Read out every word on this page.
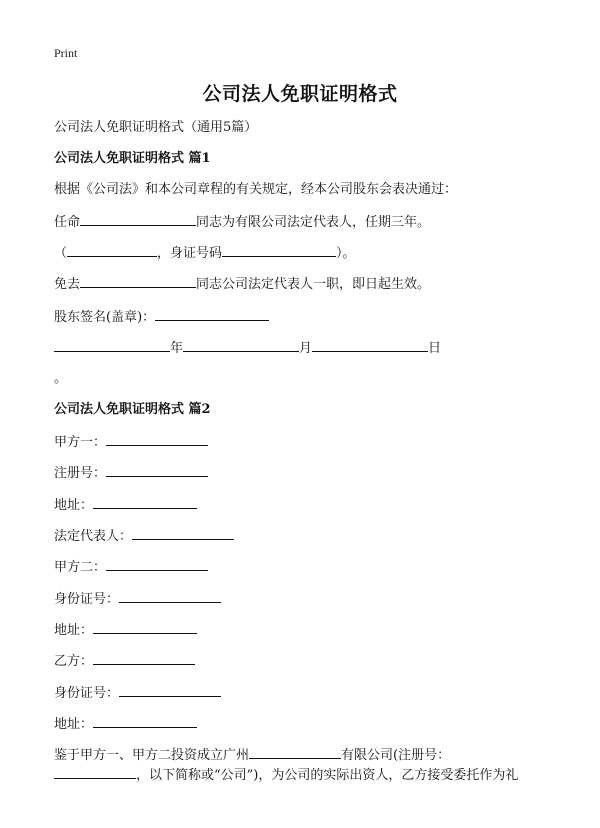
Print
公司法人免职证明格式
公司法人免职证明格式（通用5篇）
公司法人免职证明格式 篇1
根据《公司法》和本公司章程的有关规定，经本公司股东会表决通过：
任命	同志为有限公司法定代表人，任期三年。
（	，身证号码	）。
免去	同志公司法定代表人一职，即日起生效。
股东签名(盖章)：
年	月	日
。
公司法人免职证明格式 篇2
甲方一：
注册号：
地址：
法定代表人：
甲方二：
身份证号：
地址：
乙方：
身份证号：
地址：
鉴于甲方一、甲方二投资成立广州	有限公司(注册号：
，以下简称或“公司”)，为公司的实际出资人，乙方接受委托作为礼
